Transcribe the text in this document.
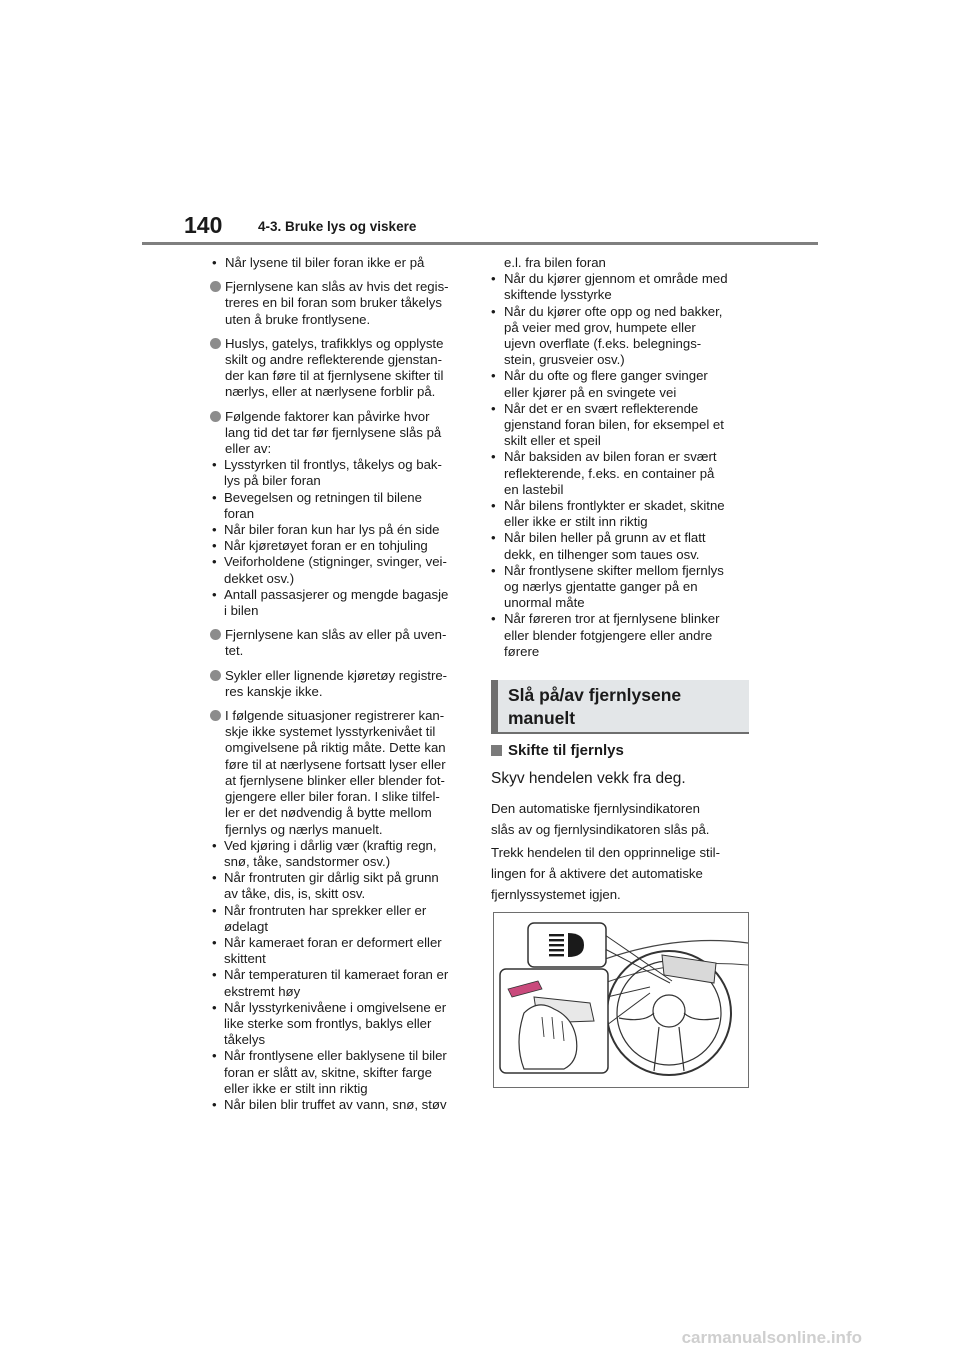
140	4-3. Bruke lys og viskere
• Når lysene til biler foran ikke er på
Fjernlysene kan slås av hvis det regis-
treres en bil foran som bruker tåkelys
uten å bruke frontlysene.
Huslys, gatelys, trafikklys og opplyste
skilt og andre reflekterende gjenstan-
der kan føre til at fjernlysene skifter til
nærlys, eller at nærlysene forblir på.
Følgende faktorer kan påvirke hvor
lang tid det tar før fjernlysene slås på
eller av:
• Lysstyrken til frontlys, tåkelys og bak-
lys på biler foran
• Bevegelsen og retningen til bilene
foran
• Når biler foran kun har lys på én side
• Når kjøretøyet foran er en tohjuling
• Veiforholdene (stigninger, svinger, vei-
dekket osv.)
• Antall passasjerer og mengde bagasje
i bilen
Fjernlysene kan slås av eller på uven-
tet.
Sykler eller lignende kjøretøy registre-
res kanskje ikke.
I følgende situasjoner registrerer kan-
skje ikke systemet lysstyrkenivået til
omgivelsene på riktig måte. Dette kan
føre til at nærlysene fortsatt lyser eller
at fjernlysene blinker eller blender fot-
gjengere eller biler foran. I slike tilfel-
ler er det nødvendig å bytte mellom
fjernlys og nærlys manuelt.
• Ved kjøring i dårlig vær (kraftig regn,
snø, tåke, sandstormer osv.)
• Når frontruten gir dårlig sikt på grunn
av tåke, dis, is, skitt osv.
• Når frontruten har sprekker eller er
ødelagt
• Når kameraet foran er deformert eller
skittent
• Når temperaturen til kameraet foran er
ekstremt høy
• Når lysstyrkenivåene i omgivelsene er
like sterke som frontlys, baklys eller
tåkelys
• Når frontlysene eller baklysene til biler
foran er slått av, skitne, skifter farge
eller ikke er stilt inn riktig
• Når bilen blir truffet av vann, snø, støv
e.l. fra bilen foran
• Når du kjører gjennom et område med
skiftende lysstyrke
• Når du kjører ofte opp og ned bakker,
på veier med grov, humpete eller
ujevn overflate (f.eks. belegnings-
stein, grusveier osv.)
• Når du ofte og flere ganger svinger
eller kjører på en svingete vei
• Når det er en svært reflekterende
gjenstand foran bilen, for eksempel et
skilt eller et speil
• Når baksiden av bilen foran er svært
reflekterende, f.eks. en container på
en lastebil
• Når bilens frontlykter er skadet, skitne
eller ikke er stilt inn riktig
• Når bilen heller på grunn av et flatt
dekk, en tilhenger som taues osv.
• Når frontlysene skifter mellom fjernlys
og nærlys gjentatte ganger på en
unormal måte
• Når føreren tror at fjernlysene blinker
eller blender fotgjengere eller andre
førere
Slå på/av fjernlysene
manuelt
Skifte til fjernlys
Skyv hendelen vekk fra deg.
Den automatiske fjernlysindikatoren
slås av og fjernlysindikatoren slås på.
Trekk hendelen til den opprinnelige stil-
lingen for å aktivere det automatiske
fjernlyssystemet igjen.
carmanualsonline.info
